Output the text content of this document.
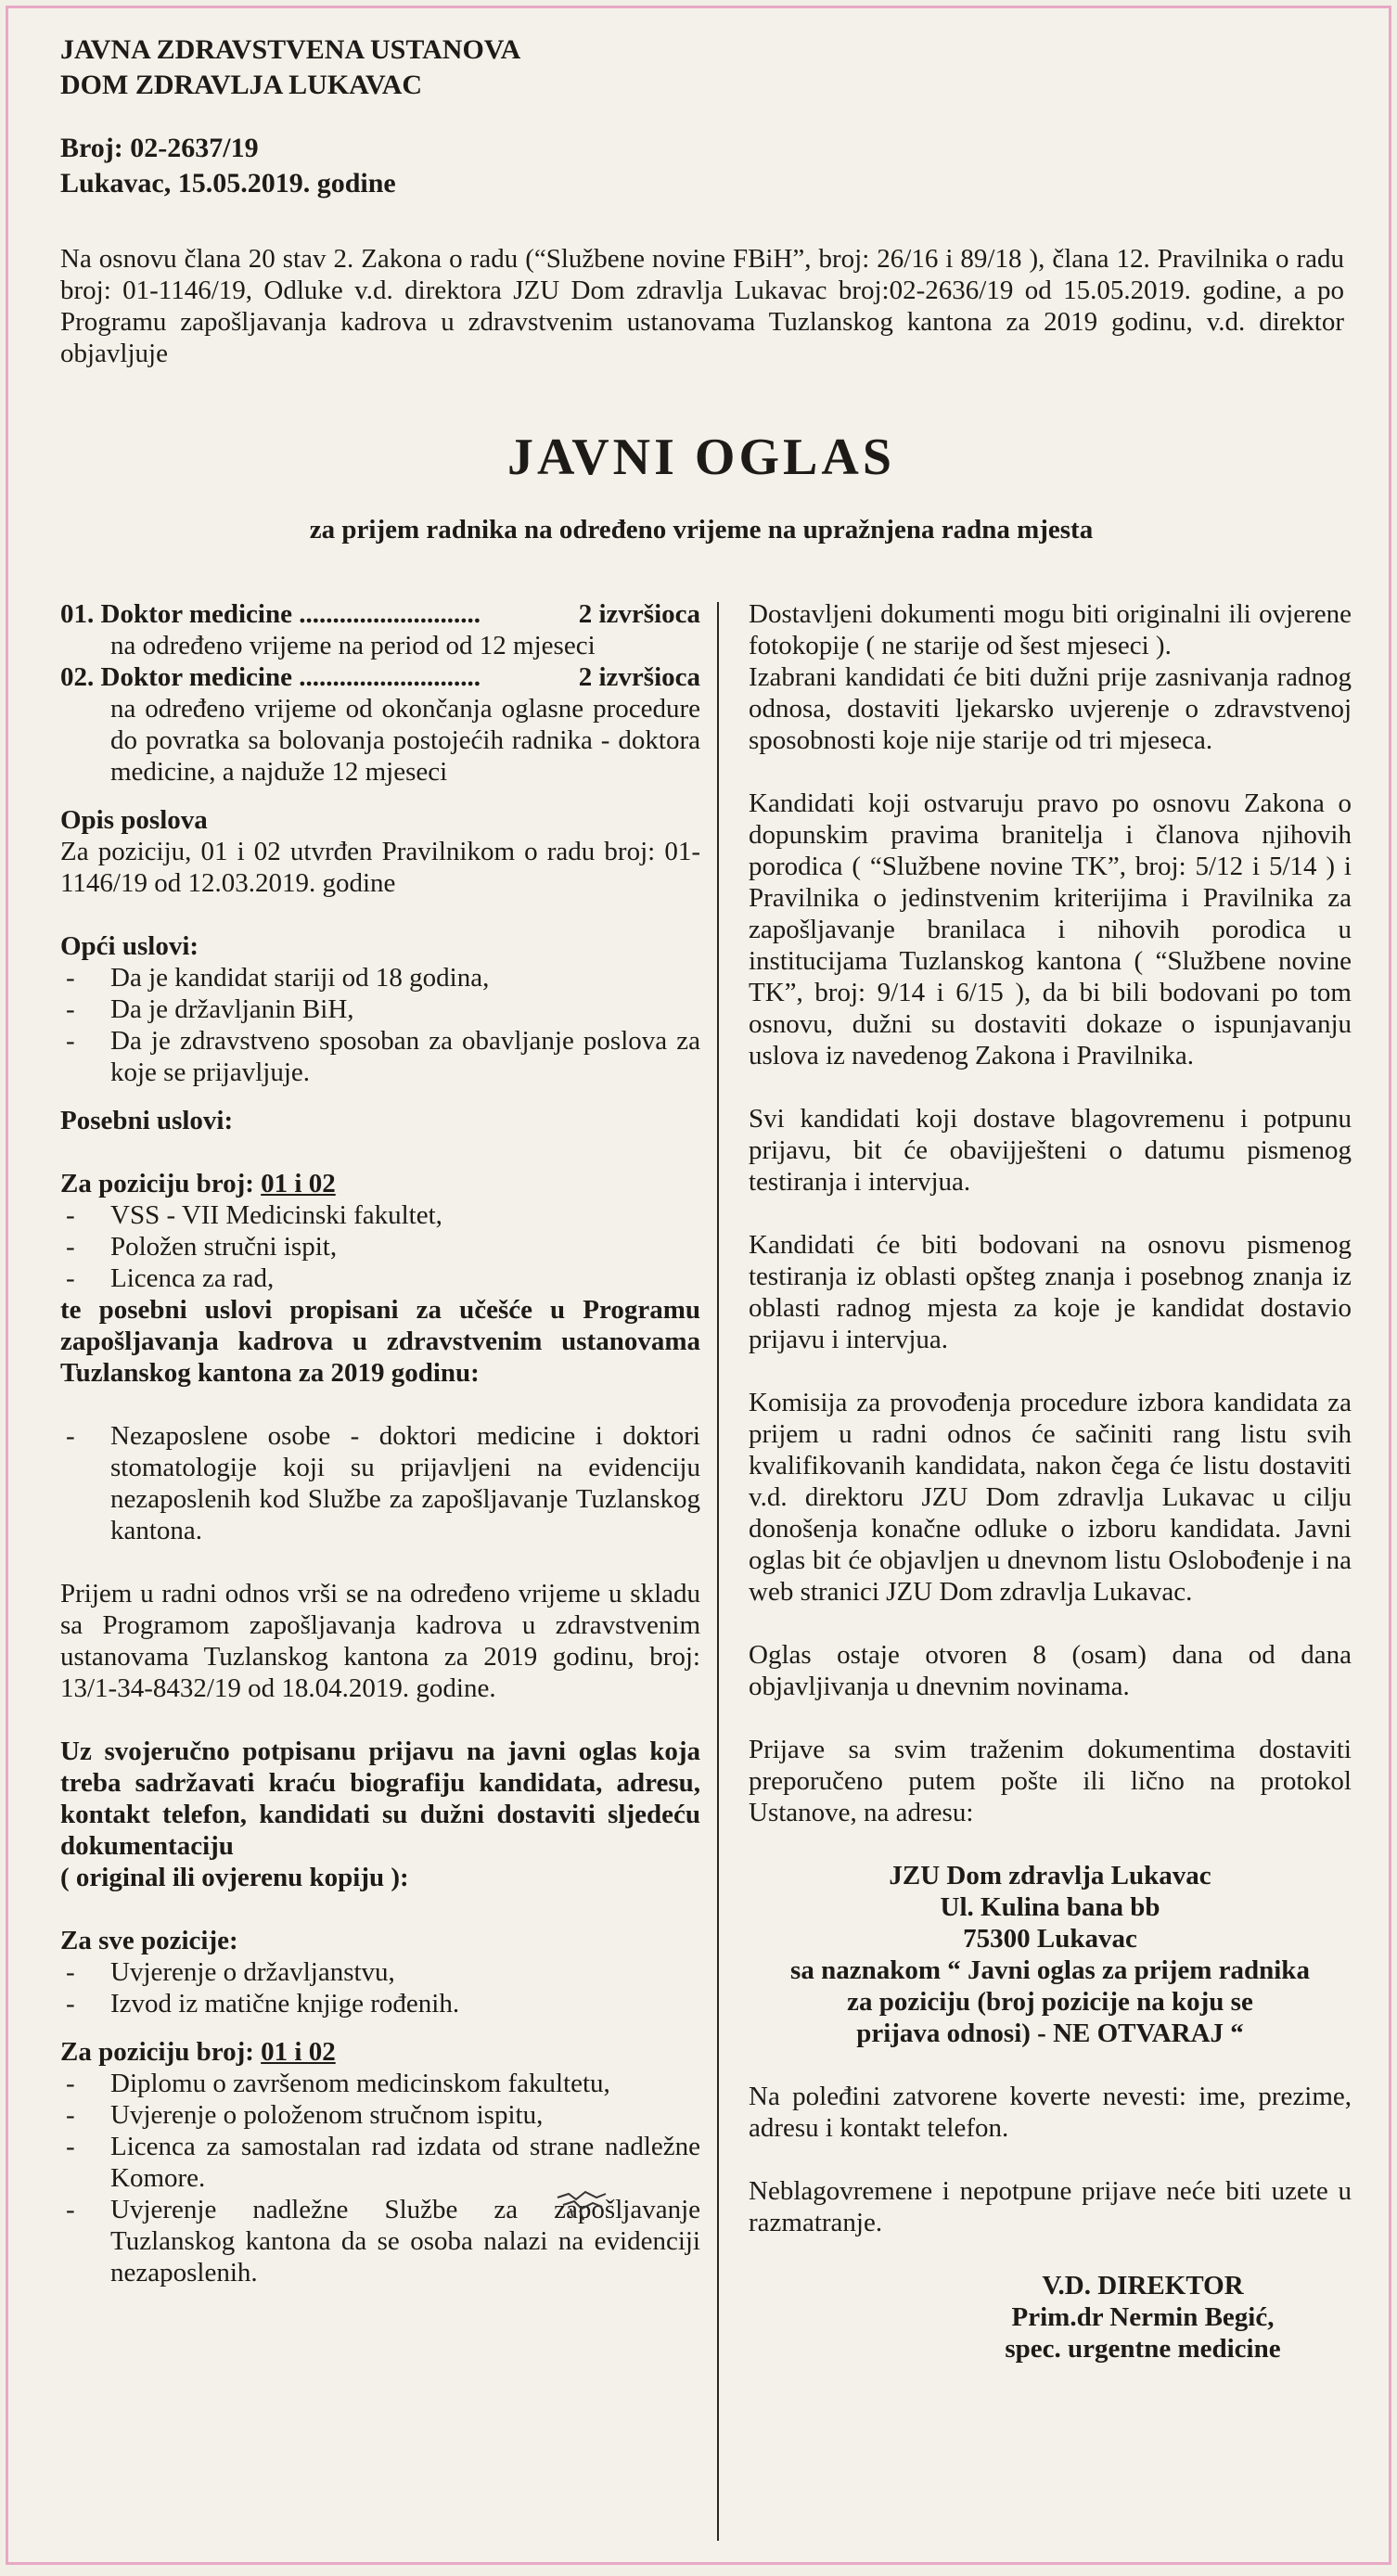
JAVNA ZDRAVSTVENA USTANOVA
DOM ZDRAVLJA LUKAVAC
Broj: 02-2637/19
Lukavac, 15.05.2019. godine
Na osnovu člana 20 stav 2. Zakona o radu (“Službene novine FBiH”, broj: 26/16 i 89/18 ), člana 12. Pravilnika o radu broj: 01-1146/19, Odluke v.d. direktora JZU Dom zdravlja Lukavac broj:02-2636/19 od 15.05.2019. godine, a po Programu zapošljavanja kadrova u zdravstvenim ustanovama Tuzlanskog kantona za 2019 godinu, v.d. direktor objavljuje
JAVNI OGLAS
za prijem radnika na određeno vrijeme na upražnjena radna mjesta
01. Doktor medicine ...........................	2 izvršioca

na određeno vrijeme na period od 12 mjeseci

02. Doktor medicine ...........................	2 izvršioca

na određeno vrijeme od okončanja oglasne procedure do povratka sa bolovanja postojećih radnika - doktora medicine, a najduže 12 mjeseci

Opis poslova

Za poziciju, 01 i 02 utvrđen Pravilnikom o radu broj: 01-1146/19 od 12.03.2019. godine

Opći uslovi:

- Da je kandidat stariji od 18 godina,
- Da je državljanin BiH,
- Da je zdravstveno sposoban za obavljanje poslova za koje se prijavljuje.

Posebni uslovi:

Za poziciju broj: 01 i 02

- VSS - VII Medicinski fakultet,
- Položen stručni ispit,
- Licenca za rad,

te posebni uslovi propisani za učešće u Programu zapošljavanja kadrova u zdravstvenim ustanovama Tuzlanskog kantona za 2019 godinu:

- Nezaposlene osobe - doktori medicine i doktori stomatologije koji su prijavljeni na evidenciju nezaposlenih kod Službe za zapošljavanje Tuzlanskog kantona.

Prijem u radni odnos vrši se na određeno vrijeme u skladu sa Programom zapošljavanja kadrova u zdravstvenim ustanovama Tuzlanskog kantona za 2019 godinu, broj: 13/1-34-8432/19 od 18.04.2019. godine.

Uz svojeručno potpisanu prijavu na javni oglas koja treba sadržavati kraću biografiju kandidata, adresu, kontakt telefon, kandidati su dužni dostaviti sljedeću dokumentaciju

( original ili ovjerenu kopiju ):

Za sve pozicije:

- Uvjerenje o državljanstvu,
- Izvod iz matične knjige rođenih.

Za poziciju broj: 01 i 02

- Diplomu o završenom medicinskom fakultetu,
- Uvjerenje o položenom stručnom ispitu,
- Licenca za samostalan rad izdata od strane nadležne Komore.
- Uvjerenje nadležne Službe za zapošljavanje Tuzlanskog kantona da se osoba nalazi na evidenciji nezaposlenih.

Dostavljeni dokumenti mogu biti originalni ili ovjerene fotokopije ( ne starije od šest mjeseci ).

Izabrani kandidati će biti dužni prije zasnivanja radnog odnosa, dostaviti ljekarsko uvjerenje o zdravstvenoj sposobnosti koje nije starije od tri mjeseca.

Kandidati koji ostvaruju pravo po osnovu Zakona o dopunskim pravima branitelja i članova njihovih porodica ( “Službene novine TK”, broj: 5/12 i 5/14 ) i Pravilnika o jedinstvenim kriterijima i Pravilnika za zapošljavanje branilaca i nihovih porodica u institucijama Tuzlanskog kantona ( “Službene novine TK”, broj: 9/14 i 6/15 ), da bi bili bodovani po tom osnovu, dužni su dostaviti dokaze o ispunjavanju uslova iz navedenog Zakona i Pravilnika.

Svi kandidati koji dostave blagovremenu i potpunu prijavu, bit će obavijješteni o datumu pismenog testiranja i intervjua.

Kandidati će biti bodovani na osnovu pismenog testiranja iz oblasti opšteg znanja i posebnog znanja iz oblasti radnog mjesta za koje je kandidat dostavio prijavu i intervjua.

Komisija za provođenja procedure izbora kandidata za prijem u radni odnos će sačiniti rang listu svih kvalifikovanih kandidata, nakon čega će listu dostaviti v.d. direktoru JZU Dom zdravlja Lukavac u cilju donošenja konačne odluke o izboru kandidata. Javni oglas bit će objavljen u dnevnom listu Oslobođenje i na web stranici JZU Dom zdravlja Lukavac.

Oglas ostaje otvoren 8 (osam) dana od dana objavljivanja u dnevnim novinama.

Prijave sa svim traženim dokumentima dostaviti preporučeno putem pošte ili lično na protokol Ustanove, na adresu:

JZU Dom zdravlja Lukavac
Ul. Kulina bana bb
75300 Lukavac
sa naznakom “ Javni oglas za prijem radnika
za poziciju (broj pozicije na koju se
prijava odnosi) - NE OTVARAJ “

Na poleđini zatvorene koverte nevesti: ime, prezime, adresu i kontakt telefon.

Neblagovremene i nepotpune prijave neće biti uzete u razmatranje.

V.D. DIREKTOR
Prim.dr Nermin Begić,
spec. urgentne medicine
